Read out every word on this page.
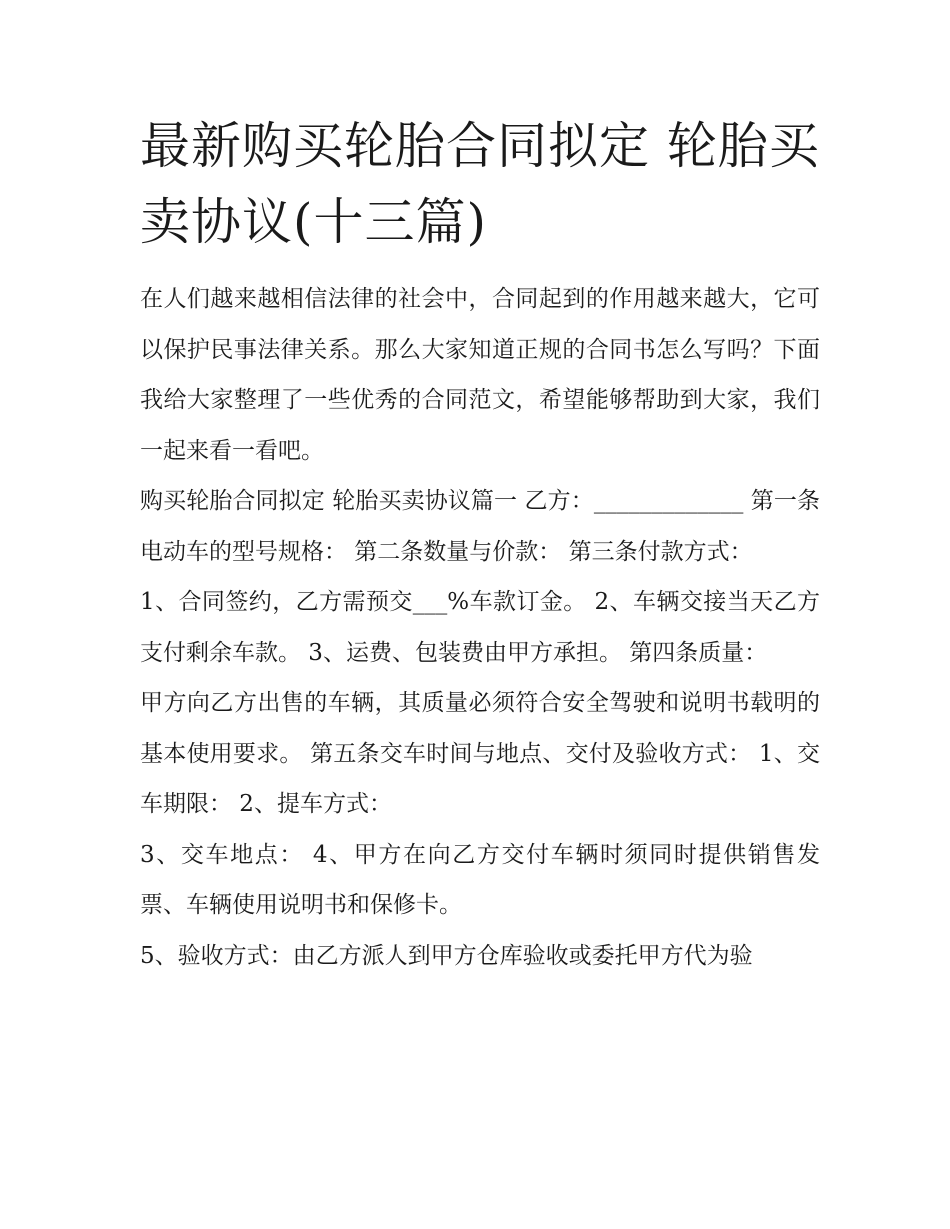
最新购买轮胎合同拟定 轮胎买卖协议(十三篇)

在人们越来越相信法律的社会中，合同起到的作用越来越大，它可以保护民事法律关系。那么大家知道正规的合同书怎么写吗？下面我给大家整理了一些优秀的合同范文，希望能够帮助到大家，我们一起来看一看吧。

购买轮胎合同拟定 轮胎买卖协议篇一 乙方：_____________ 第一条电动车的型号规格： 第二条数量与价款： 第三条付款方式：

1、合同签约，乙方需预交___%车款订金。 2、车辆交接当天乙方支付剩余车款。 3、运费、包装费由甲方承担。 第四条质量：

甲方向乙方出售的车辆，其质量必须符合安全驾驶和说明书载明的基本使用要求。 第五条交车时间与地点、交付及验收方式： 1、交车期限： 2、提车方式：

3、交车地点： 4、甲方在向乙方交付车辆时须同时提供销售发票、车辆使用说明书和保修卡。

5、验收方式：由乙方派人到甲方仓库验收或委托甲方代为验
